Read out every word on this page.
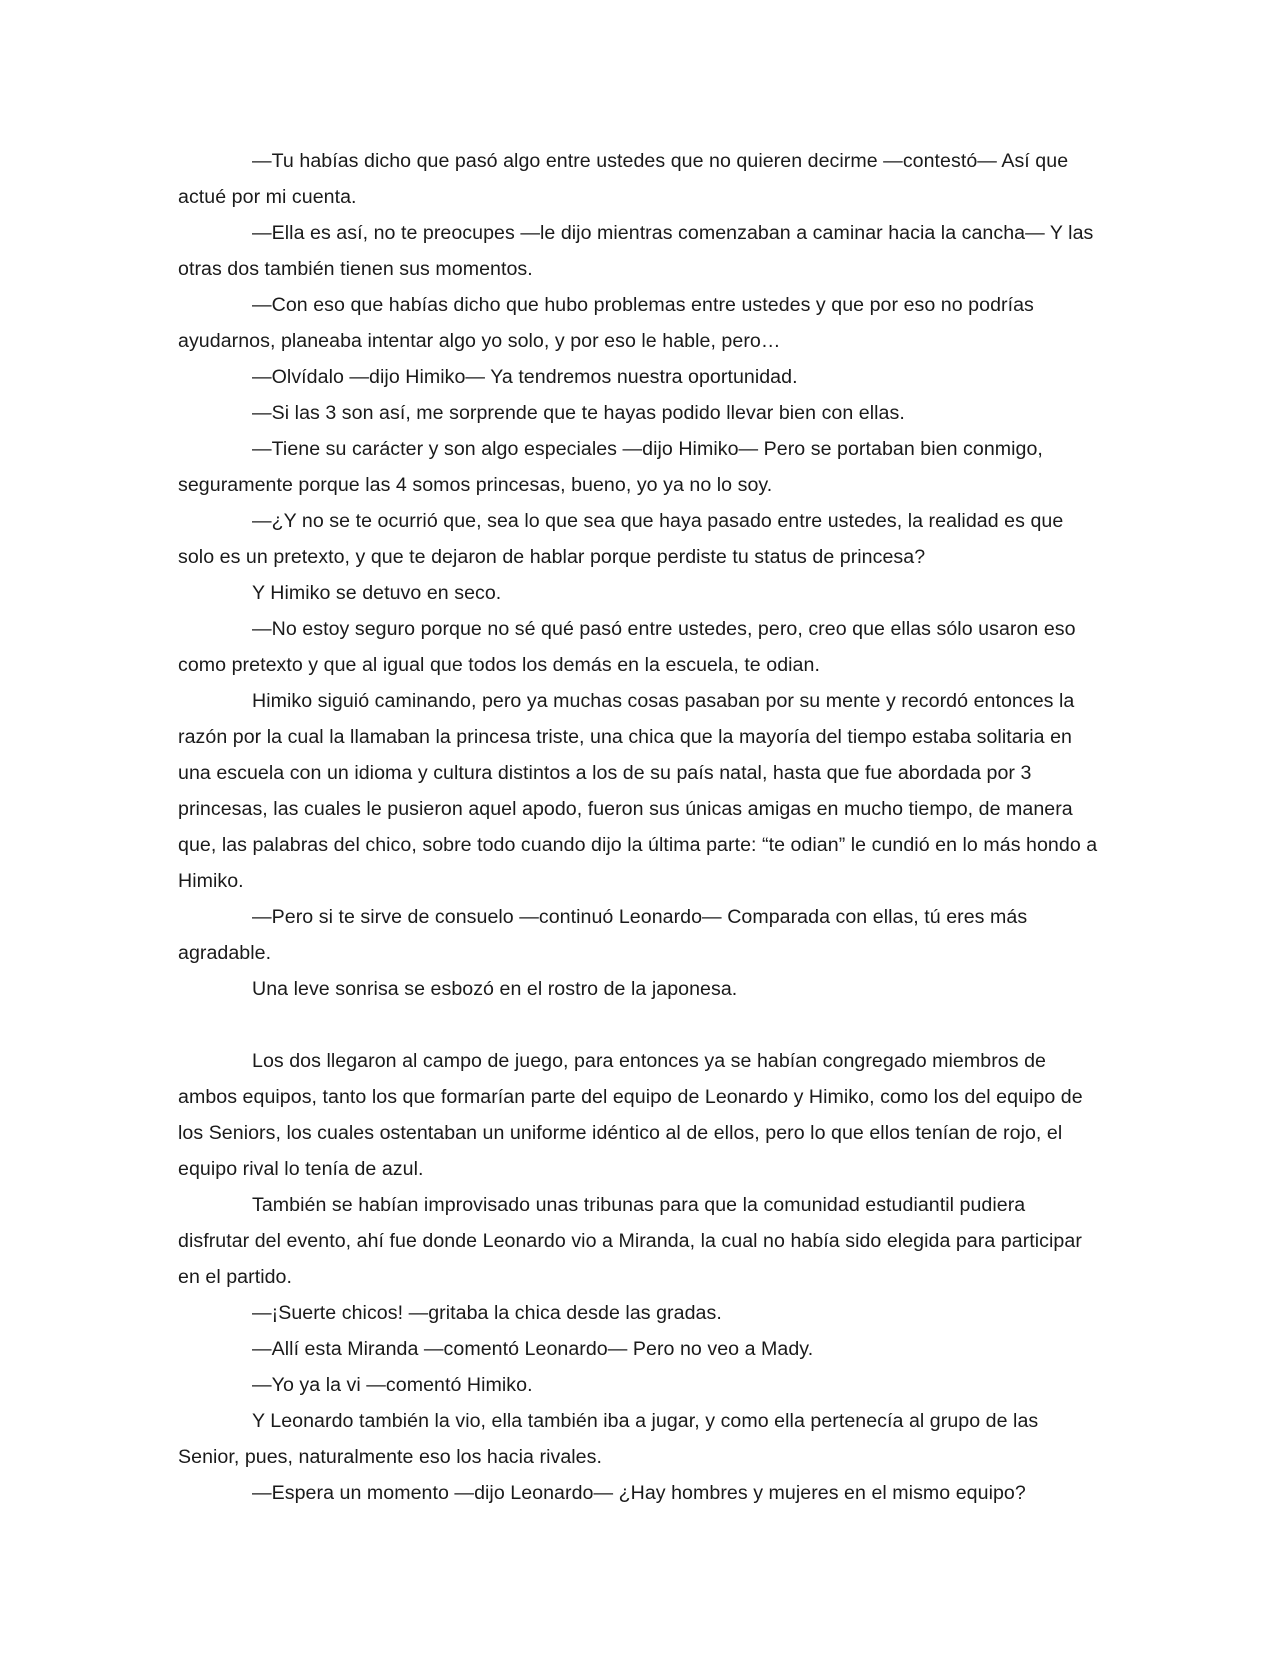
—Tu habías dicho que pasó algo entre ustedes que no quieren decirme —contestó— Así que actué por mi cuenta.

—Ella es así, no te preocupes —le dijo mientras comenzaban a caminar hacia la cancha— Y las otras dos también tienen sus momentos.

—Con eso que habías dicho que hubo problemas entre ustedes y que por eso no podrías ayudarnos, planeaba intentar algo yo solo, y por eso le hable, pero…

—Olvídalo —dijo Himiko— Ya tendremos nuestra oportunidad.

—Si las 3 son así, me sorprende que te hayas podido llevar bien con ellas.

—Tiene su carácter y son algo especiales —dijo Himiko— Pero se portaban bien conmigo, seguramente porque las 4 somos princesas, bueno, yo ya no lo soy.

—¿Y no se te ocurrió que, sea lo que sea que haya pasado entre ustedes, la realidad es que solo es un pretexto, y que te dejaron de hablar porque perdiste tu status de princesa?

Y Himiko se detuvo en seco.

—No estoy seguro porque no sé qué pasó entre ustedes, pero, creo que ellas sólo usaron eso como pretexto y que al igual que todos los demás en la escuela, te odian.

Himiko siguió caminando, pero ya muchas cosas pasaban por su mente y recordó entonces la razón por la cual la llamaban la princesa triste, una chica que la mayoría del tiempo estaba solitaria en una escuela con un idioma y cultura distintos a los de su país natal, hasta que fue abordada por 3 princesas, las cuales le pusieron aquel apodo, fueron sus únicas amigas en mucho tiempo, de manera que, las palabras del chico, sobre todo cuando dijo la última parte: “te odian” le cundió en lo más hondo a Himiko.

—Pero si te sirve de consuelo —continuó Leonardo— Comparada con ellas, tú eres más agradable.

Una leve sonrisa se esbozó en el rostro de la japonesa.

Los dos llegaron al campo de juego, para entonces ya se habían congregado miembros de ambos equipos, tanto los que formarían parte del equipo de Leonardo y Himiko, como los del equipo de los Seniors, los cuales ostentaban un uniforme idéntico al de ellos, pero lo que ellos tenían de rojo, el equipo rival lo tenía de azul.

También se habían improvisado unas tribunas para que la comunidad estudiantil pudiera disfrutar del evento, ahí fue donde Leonardo vio a Miranda, la cual no había sido elegida para participar en el partido.

—¡Suerte chicos! —gritaba la chica desde las gradas.

—Allí esta Miranda —comentó Leonardo— Pero no veo a Mady.

—Yo ya la vi —comentó Himiko.

Y Leonardo también la vio, ella también iba a jugar, y como ella pertenecía al grupo de las Senior, pues, naturalmente eso los hacia rivales.

—Espera un momento —dijo Leonardo— ¿Hay hombres y mujeres en el mismo equipo?
